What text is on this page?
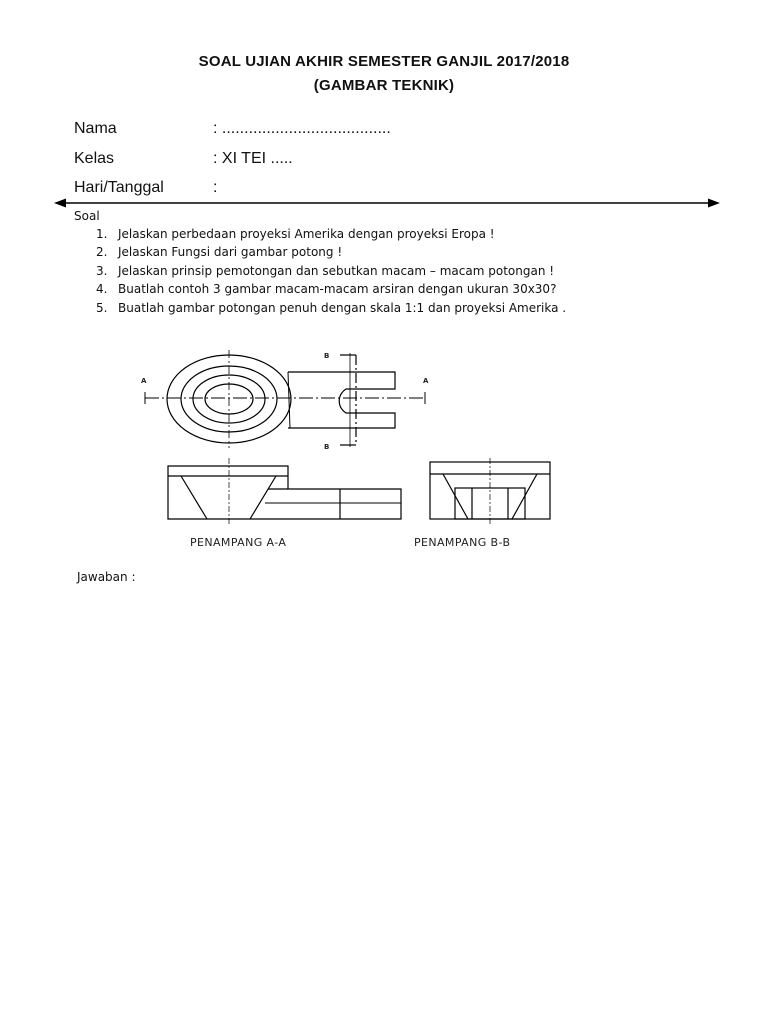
SOAL UJIAN AKHIR SEMESTER GANJIL 2017/2018
(GAMBAR TEKNIK)
Nama	: ......................................
Kelas	: XI TEI .....
Hari/Tanggal	:
Soal
1. Jelaskan perbedaan proyeksi Amerika dengan proyeksi Eropa !
2. Jelaskan Fungsi dari gambar potong !
3. Jelaskan prinsip pemotongan dan sebutkan macam – macam potongan !
4. Buatlah contoh 3 gambar macam-macam arsiran dengan ukuran 30x30?
5. Buatlah gambar potongan penuh dengan skala 1:1 dan proyeksi Amerika .
A	A
B
B
PENAMPANG A-A	PENAMPANG B-B
Jawaban :
